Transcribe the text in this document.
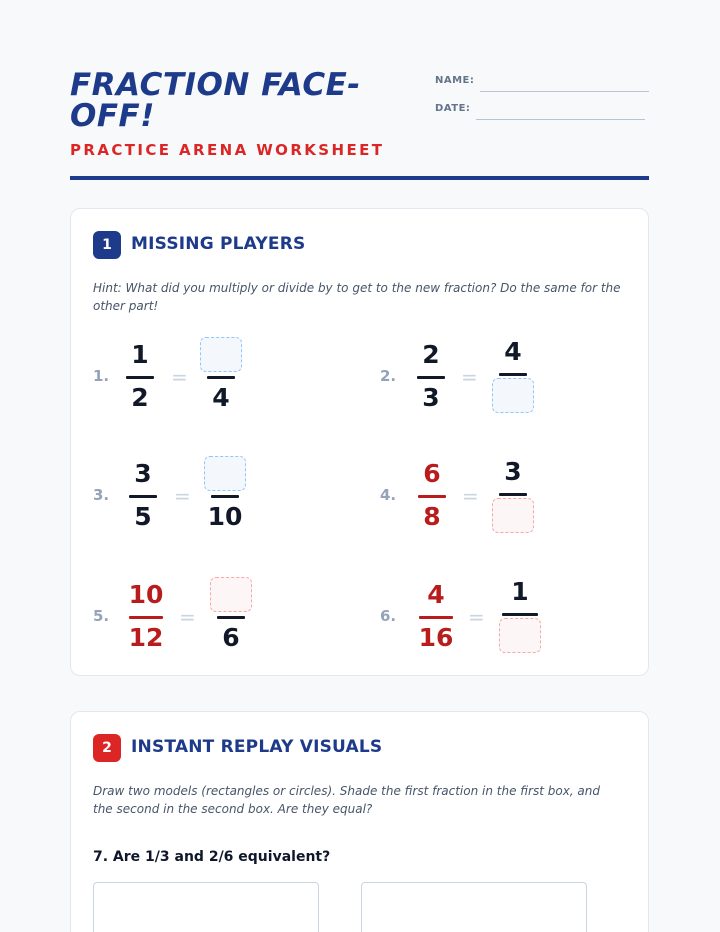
FRACTION FACE-OFF!
PRACTICE ARENA WORKSHEET
NAME:
DATE:
1	MISSING PLAYERS
Hint: What did you multiply or divide by to get to the new fraction? Do the same for the other part!
1.
1
2
=
4
2.
2
3
=
4
3.
3
5
=
10
4.
6
8
=
3
5.
10
12
=
6
6.
4
16
=
1
2	INSTANT REPLAY VISUALS
Draw two models (rectangles or circles). Shade the first fraction in the first box, and the second in the second box. Are they equal?
7. Are 1/3 and 2/6 equivalent?
